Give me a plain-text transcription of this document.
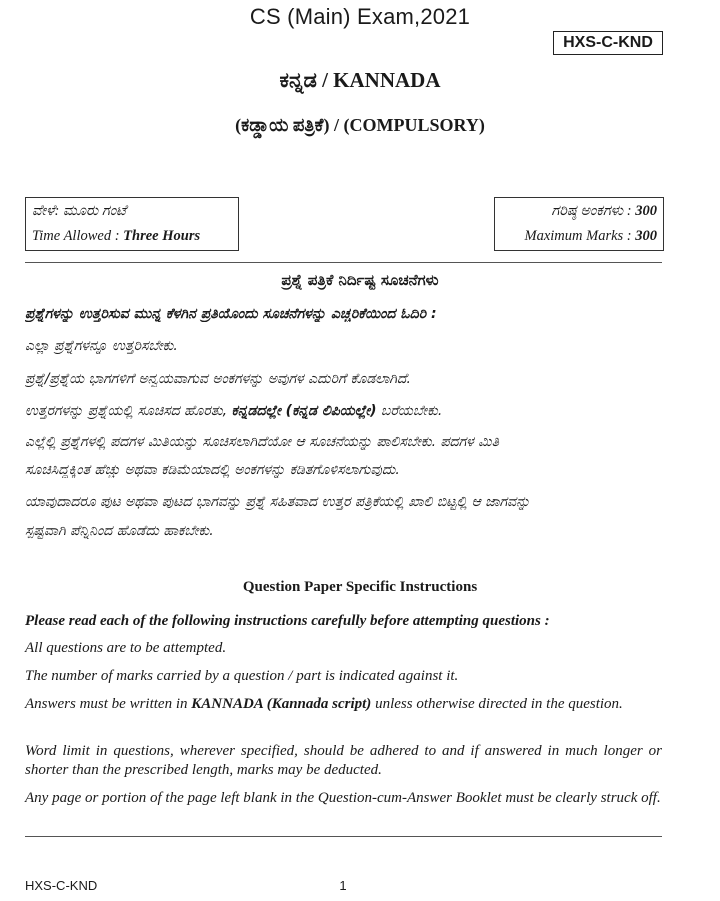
CS (Main) Exam,2021
HXS-C-KND
ಕನ್ನಡ / KANNADA
(ಕಡ್ಡಾಯ ಪತ್ರಿಕೆ) / (COMPULSORY)
ವೇಳೆ: ಮೂರು ಗಂಟೆ
Time Allowed : Three Hours
ಗರಿಷ್ಠ ಅಂಕಗಳು : 300
Maximum Marks : 300
ಪ್ರಶ್ನೆ ಪತ್ರಿಕೆ ನಿರ್ದಿಷ್ಟ ಸೂಚನೆಗಳು
ಪ್ರಶ್ನೆಗಳನ್ನು ಉತ್ತರಿಸುವ ಮುನ್ನ ಕೆಳಗಿನ ಪ್ರತಿಯೊಂದು ಸೂಚನೆಗಳನ್ನು ಎಚ್ಚರಿಕೆಯಿಂದ ಓದಿರಿ :
ಎಲ್ಲಾ ಪ್ರಶ್ನೆಗಳನ್ನೂ ಉತ್ತರಿಸಬೇಕು.
ಪ್ರಶ್ನೆ/ಪ್ರಶ್ನೆಯ ಭಾಗಗಳಿಗೆ ಅನ್ವಯವಾಗುವ ಅಂಕಗಳನ್ನು ಅವುಗಳ ಎದುರಿಗೆ ಕೊಡಲಾಗಿದೆ.
ಉತ್ತರಗಳನ್ನು ಪ್ರಶ್ನೆಯಲ್ಲಿ ಸೂಚಿಸದ ಹೊರತು, ಕನ್ನಡದಲ್ಲೇ (ಕನ್ನಡ ಲಿಪಿಯಲ್ಲೇ) ಬರೆಯಬೇಕು.
ಎಲ್ಲೆಲ್ಲಿ ಪ್ರಶ್ನೆಗಳಲ್ಲಿ ಪದಗಳ ಮಿತಿಯನ್ನು ಸೂಚಿಸಲಾಗಿದೆಯೋ ಆ ಸೂಚನೆಯನ್ನು ಪಾಲಿಸಬೇಕು. ಪದಗಳ ಮಿತಿ
ಸೂಚಿಸಿದ್ದಕ್ಕಿಂತ ಹೆಚ್ಚು ಅಥವಾ ಕಡಿಮೆಯಾದಲ್ಲಿ ಅಂಕಗಳನ್ನು ಕಡಿತಗೊಳಿಸಲಾಗುವುದು.
ಯಾವುದಾದರೂ ಪುಟ ಅಥವಾ ಪುಟದ ಭಾಗವನ್ನು ಪ್ರಶ್ನೆ ಸಹಿತವಾದ ಉತ್ತರ ಪತ್ರಿಕೆಯಲ್ಲಿ ಖಾಲಿ ಬಿಟ್ಟಲ್ಲಿ ಆ ಜಾಗವನ್ನು
ಸ್ಪಷ್ಟವಾಗಿ ಪೆನ್ನಿನಿಂದ ಹೊಡೆದು ಹಾಕಬೇಕು.
Question Paper Specific Instructions
Please read each of the following instructions carefully before attempting questions :
All questions are to be attempted.
The number of marks carried by a question / part is indicated against it.
Answers must be written in KANNADA (Kannada script) unless otherwise directed in the question.
Word limit in questions, wherever specified, should be adhered to and if answered in much longer or shorter than the prescribed length, marks may be deducted.
Any page or portion of the page left blank in the Question-cum-Answer Booklet must be clearly struck off.
HXS-C-KND	1
